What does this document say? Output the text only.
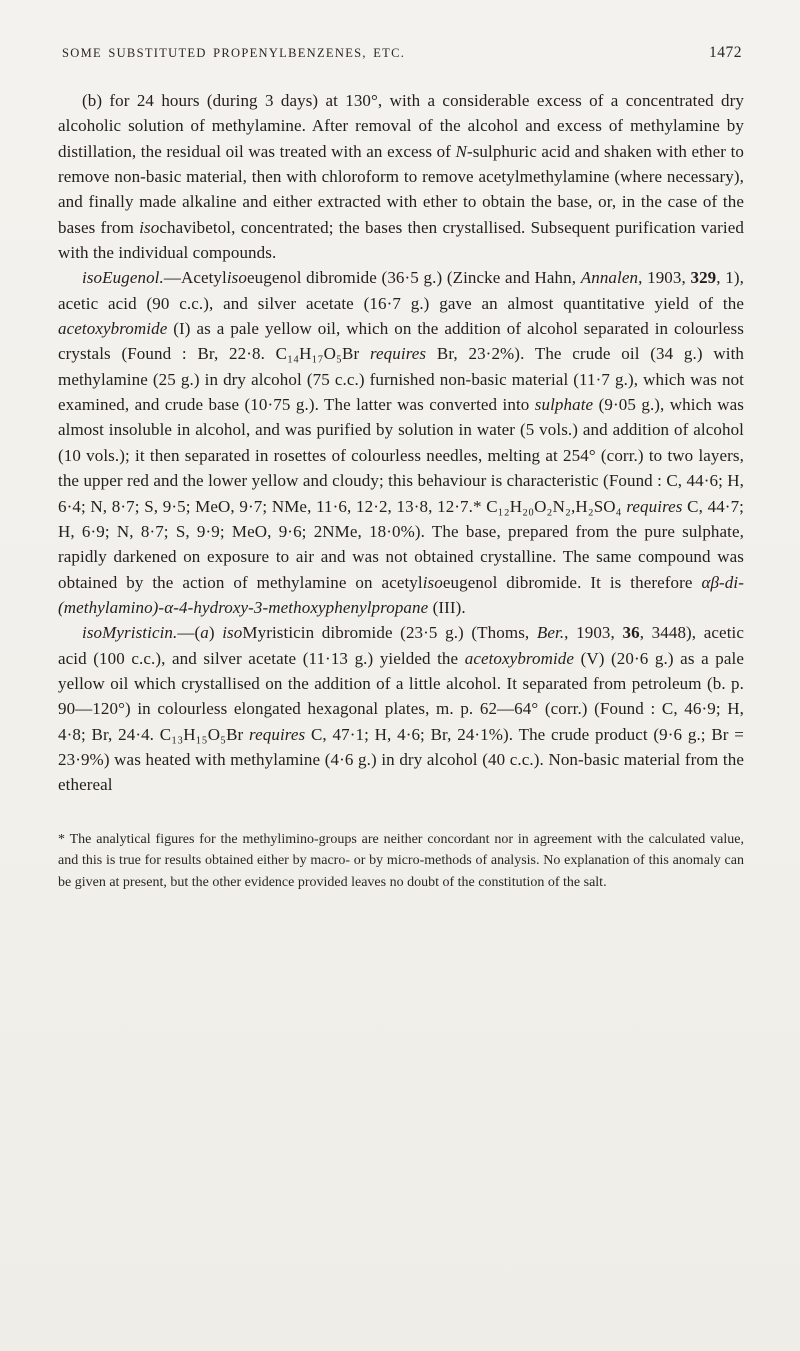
SOME SUBSTITUTED PROPENYLBENZENES, ETC.	1472

(b) for 24 hours (during 3 days) at 130°, with a considerable excess of a concentrated dry alcoholic solution of methylamine. After removal of the alcohol and excess of methylamine by distillation, the residual oil was treated with an excess of N-sulphuric acid and shaken with ether to remove non-basic material, then with chloroform to remove acetylmethylamine (where necessary), and finally made alkaline and either extracted with ether to obtain the base, or, in the case of the bases from isochavibetol, concentrated; the bases then crystallised. Subsequent purification varied with the individual compounds.

isoEugenol.—Acetylisoeugenol dibromide (36·5 g.) (Zincke and Hahn, Annalen, 1903, 329, 1), acetic acid (90 c.c.), and silver acetate (16·7 g.) gave an almost quantitative yield of the acetoxybromide (I) as a pale yellow oil, which on the addition of alcohol separated in colourless crystals (Found : Br, 22·8. C₁₄H₁₇O₅Br requires Br, 23·2%). The crude oil (34 g.) with methylamine (25 g.) in dry alcohol (75 c.c.) furnished non-basic material (11·7 g.), which was not examined, and crude base (10·75 g.). The latter was converted into sulphate (9·05 g.), which was almost insoluble in alcohol, and was purified by solution in water (5 vols.) and addition of alcohol (10 vols.); it then separated in rosettes of colourless needles, melting at 254° (corr.) to two layers, the upper red and the lower yellow and cloudy; this behaviour is characteristic (Found : C, 44·6; H, 6·4; N, 8·7; S, 9·5; MeO, 9·7; NMe, 11·6, 12·2, 13·8, 12·7.* C₁₂H₂₀O₂N₂,H₂SO₄ requires C, 44·7; H, 6·9; N, 8·7; S, 9·9; MeO, 9·6; 2NMe, 18·0%). The base, prepared from the pure sulphate, rapidly darkened on exposure to air and was not obtained crystalline. The same compound was obtained by the action of methylamine on acetylisoeugenol dibromide. It is therefore αβ-di-(methylamino)-α-4-hydroxy-3-methoxyphenylpropane (III).

isoMyristicin.—(a) isoMyristicin dibromide (23·5 g.) (Thoms, Ber., 1903, 36, 3448), acetic acid (100 c.c.), and silver acetate (11·13 g.) yielded the acetoxybromide (V) (20·6 g.) as a pale yellow oil which crystallised on the addition of a little alcohol. It separated from petroleum (b. p. 90—120°) in colourless elongated hexagonal plates, m. p. 62—64° (corr.) (Found : C, 46·9; H, 4·8; Br, 24·4. C₁₃H₁₅O₅Br requires C, 47·1; H, 4·6; Br, 24·1%). The crude product (9·6 g.; Br = 23·9%) was heated with methylamine (4·6 g.) in dry alcohol (40 c.c.). Non-basic material from the ethereal

* The analytical figures for the methylimino-groups are neither concordant nor in agreement with the calculated value, and this is true for results obtained either by macro- or by micro-methods of analysis. No explanation of this anomaly can be given at present, but the other evidence provided leaves no doubt of the constitution of the salt.
